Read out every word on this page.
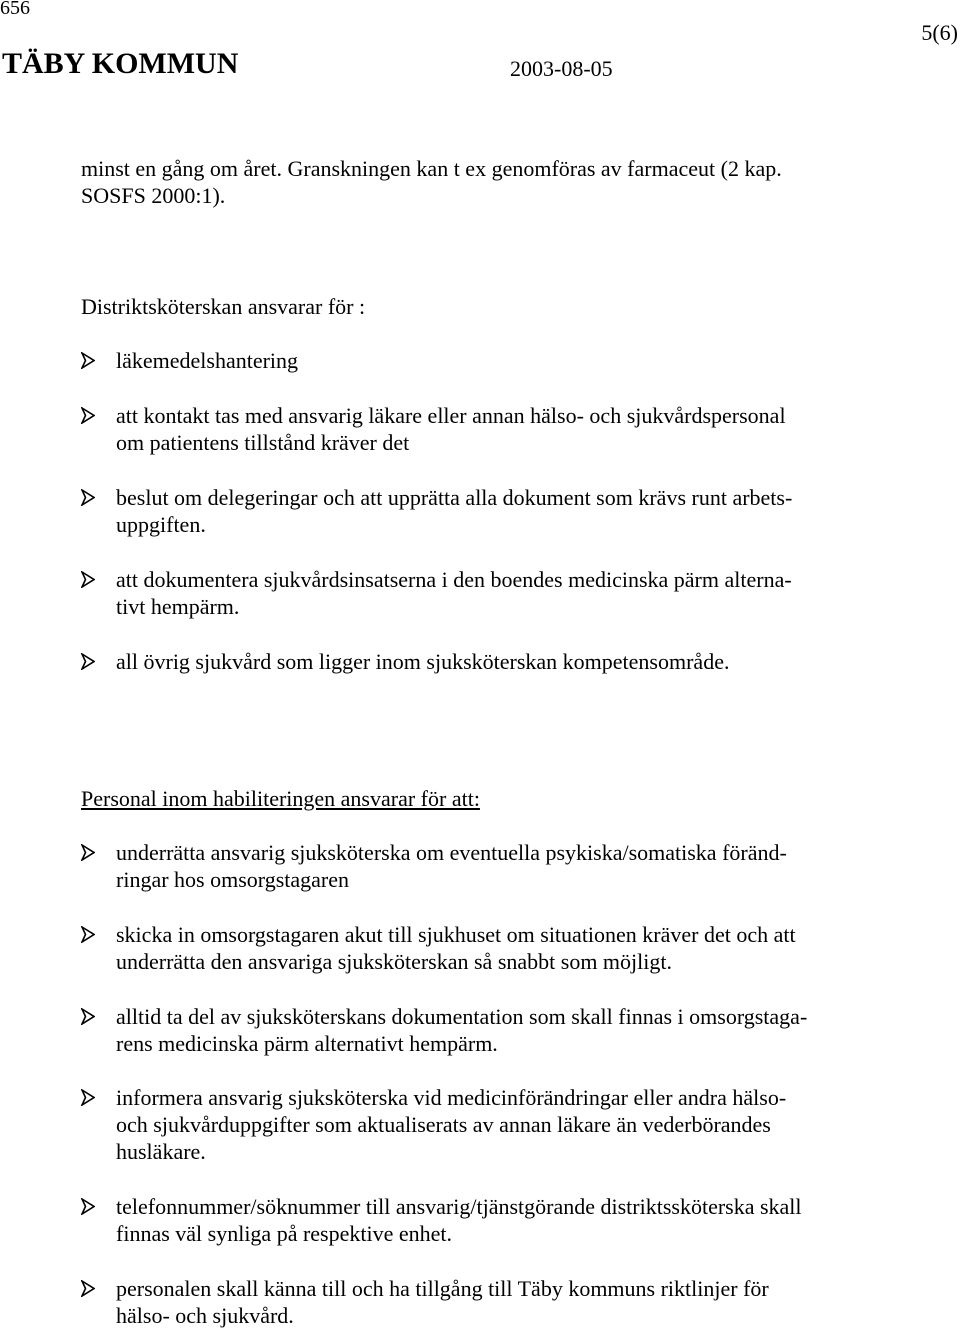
656
TÄBY KOMMUN	2003-08-05
5(6)
minst en gång om året. Granskningen kan t ex genomföras av farmaceut (2 kap.
SOSFS 2000:1).
Distriktsköterskan ansvarar för :
läkemedelshantering
att kontakt tas med ansvarig läkare eller annan hälso- och sjukvårdspersonal
om patientens tillstånd kräver det
beslut om delegeringar och att upprätta alla dokument som krävs runt arbets-
uppgiften.
att dokumentera sjukvårdsinsatserna i den boendes medicinska pärm alterna-
tivt hempärm.
all övrig sjukvård som ligger inom sjuksköterskan kompetensområde.
Personal inom habiliteringen ansvarar för att:
underrätta ansvarig sjuksköterska om eventuella psykiska/somatiska föränd-
ringar hos omsorgstagaren
skicka in omsorgstagaren akut till sjukhuset om situationen kräver det och att
underrätta den ansvariga sjuksköterskan så snabbt som möjligt.
alltid ta del av sjuksköterskans dokumentation som skall finnas i omsorgstaga-
rens medicinska pärm alternativt hempärm.
informera ansvarig sjuksköterska vid medicinförändringar eller andra hälso-
och sjukvårduppgifter som aktualiserats av annan läkare än vederbörandes
husläkare.
telefonnummer/söknummer till ansvarig/tjänstgörande distriktssköterska skall
finnas väl synliga på respektive enhet.
personalen skall känna till och ha tillgång till Täby kommuns riktlinjer för
hälso- och sjukvård.
